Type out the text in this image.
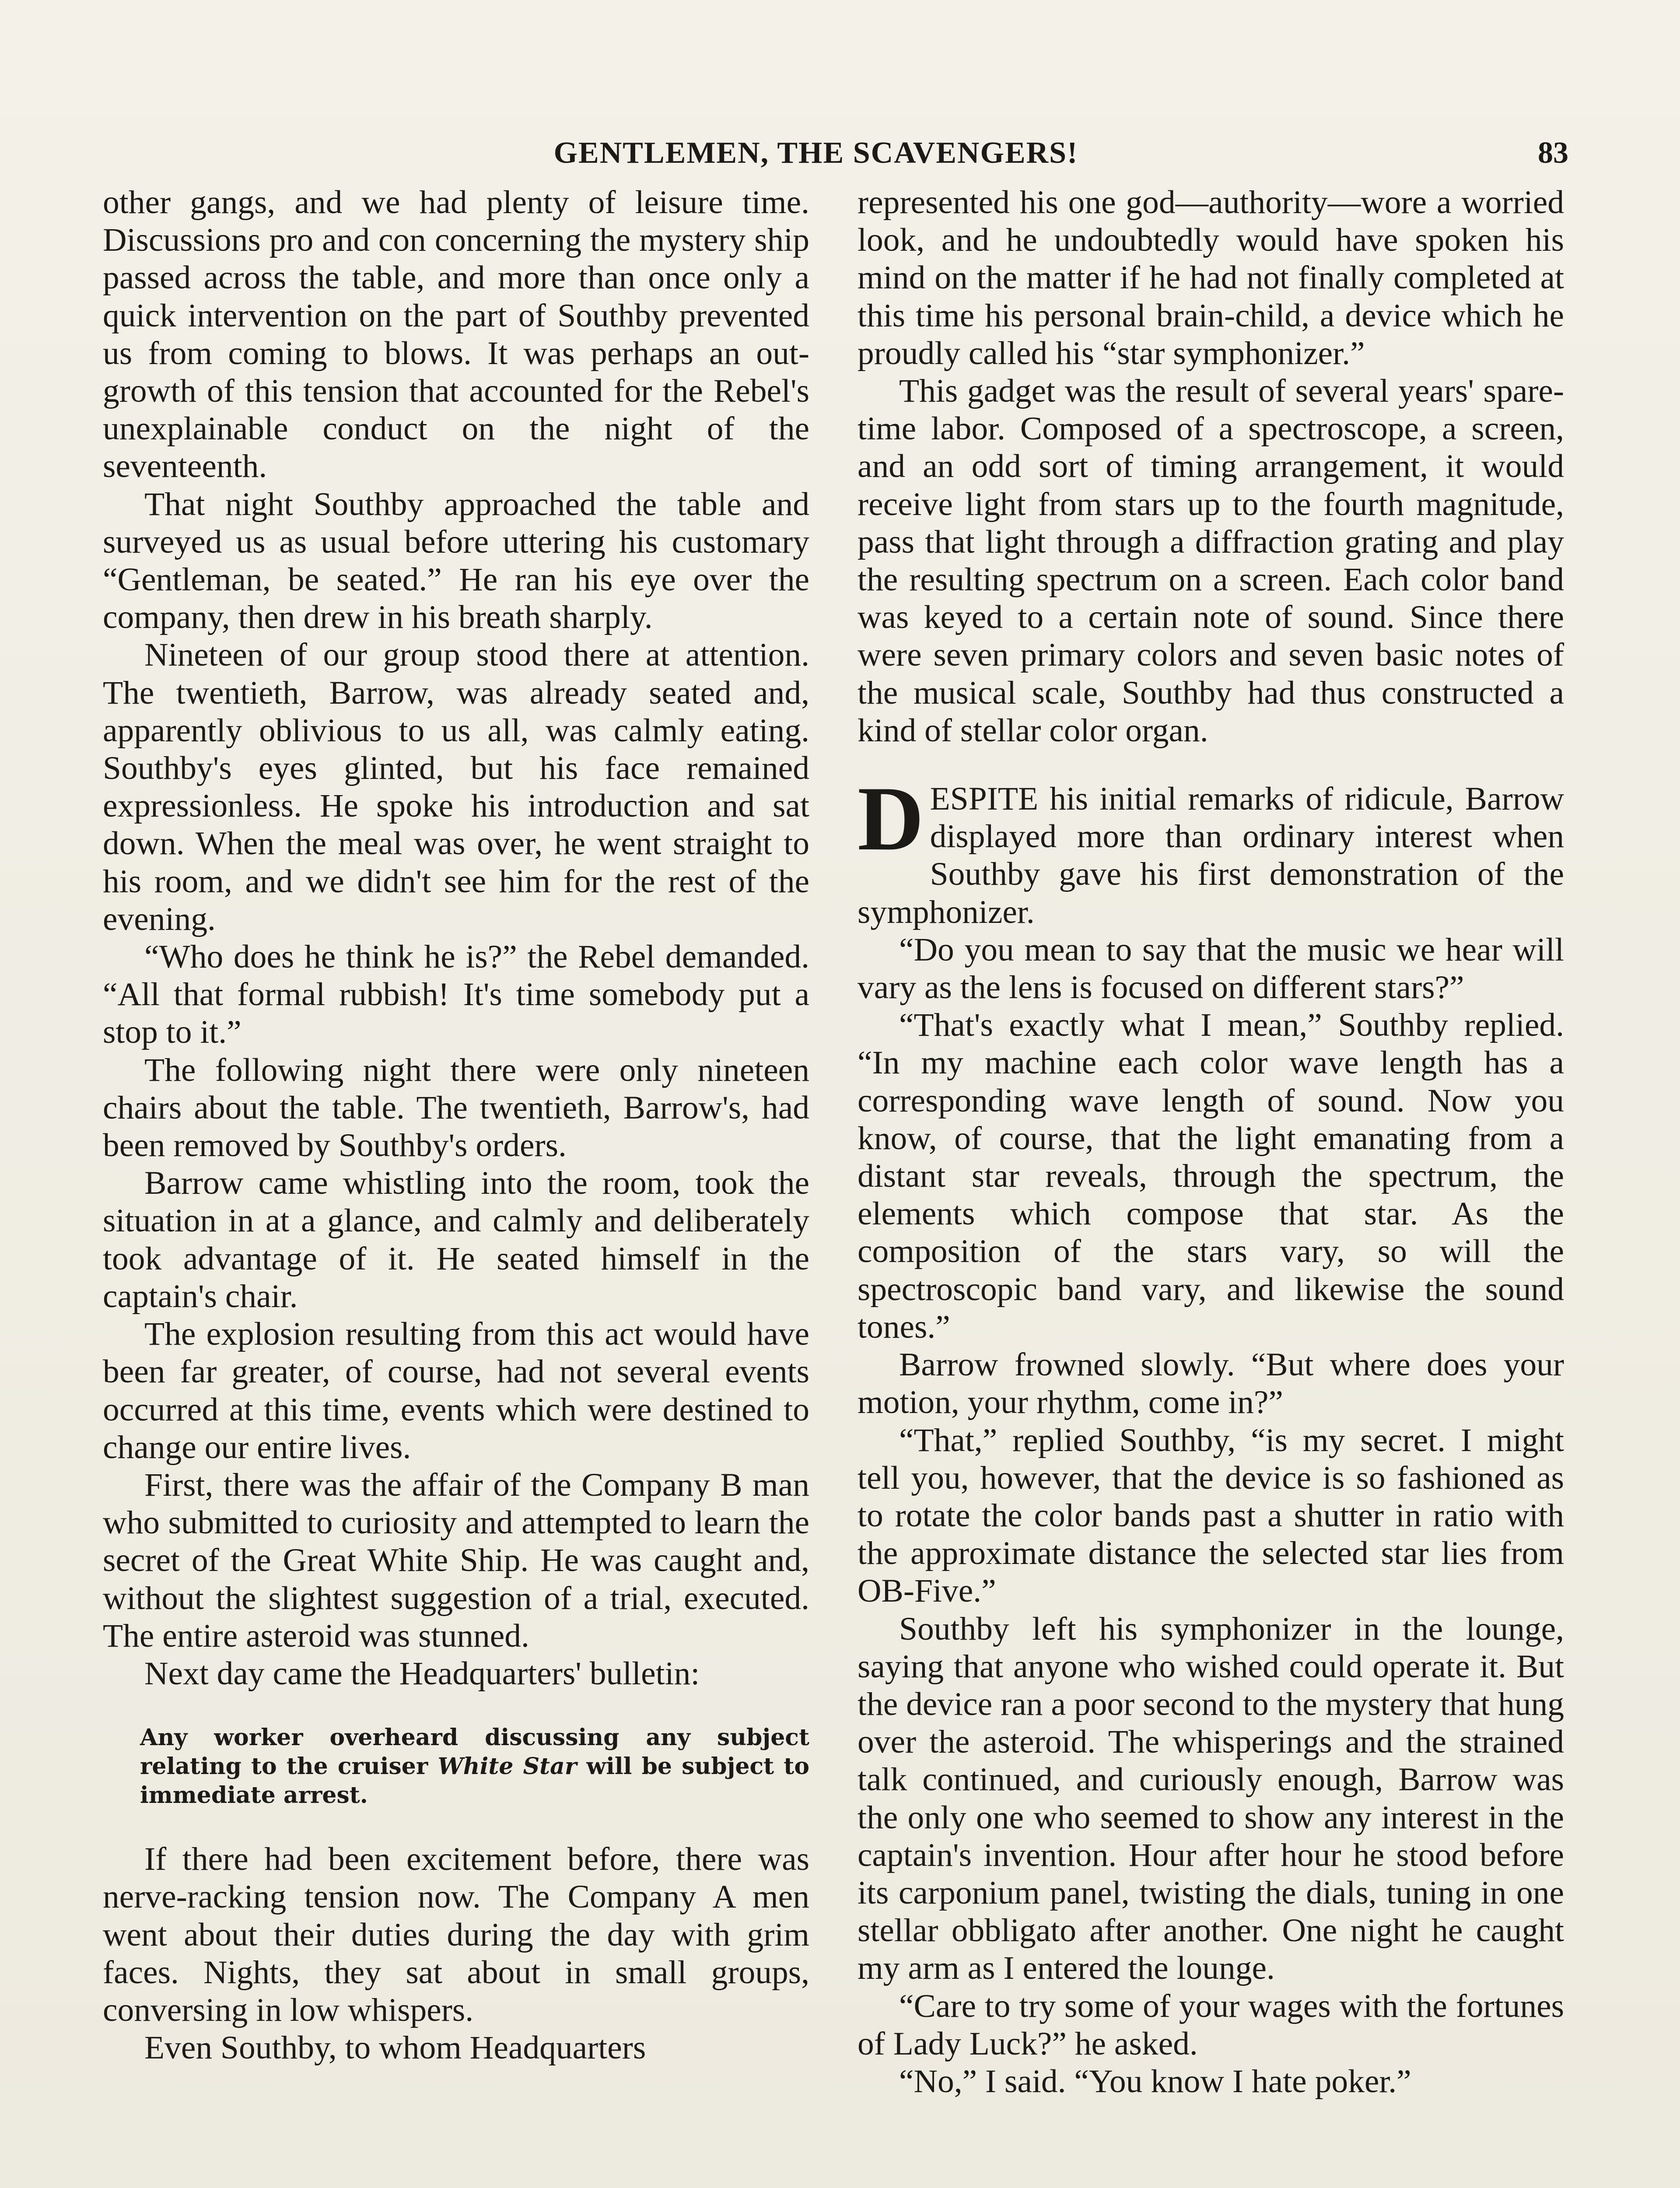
GENTLEMEN, THE SCAVENGERS!	83

other gangs, and we had plenty of leisure time. Discussions pro and con concerning the mystery ship passed across the table, and more than once only a quick intervention on the part of Southby prevented us from coming to blows. It was perhaps an outgrowth of this tension that accounted for the Rebel's unexplainable conduct on the night of the seventeenth.

That night Southby approached the table and surveyed us as usual before uttering his customary “Gentleman, be seated.” He ran his eye over the company, then drew in his breath sharply.

Nineteen of our group stood there at attention. The twentieth, Barrow, was already seated and, apparently oblivious to us all, was calmly eating. Southby's eyes glinted, but his face remained expressionless. He spoke his introduction and sat down. When the meal was over, he went straight to his room, and we didn't see him for the rest of the evening.

“Who does he think he is?” the Rebel demanded. “All that formal rubbish! It's time somebody put a stop to it.”

The following night there were only nineteen chairs about the table. The twentieth, Barrow's, had been removed by Southby's orders.

Barrow came whistling into the room, took the situation in at a glance, and calmly and deliberately took advantage of it. He seated himself in the captain's chair.

The explosion resulting from this act would have been far greater, of course, had not several events occurred at this time, events which were destined to change our entire lives.

First, there was the affair of the Company B man who submitted to curiosity and attempted to learn the secret of the Great White Ship. He was caught and, without the slightest suggestion of a trial, executed. The entire asteroid was stunned.

Next day came the Headquarters' bulletin:

Any worker overheard discussing any subject relating to the cruiser White Star will be subject to immediate arrest.

If there had been excitement before, there was nerve-racking tension now. The Company A men went about their duties during the day with grim faces. Nights, they sat about in small groups, conversing in low whispers.

Even Southby, to whom Headquarters

represented his one god—authority—wore a worried look, and he undoubtedly would have spoken his mind on the matter if he had not finally completed at this time his personal brain-child, a device which he proudly called his “star symphonizer.”

This gadget was the result of several years' spare-time labor. Composed of a spectroscope, a screen, and an odd sort of timing arrangement, it would receive light from stars up to the fourth magnitude, pass that light through a diffraction grating and play the resulting spectrum on a screen. Each color band was keyed to a certain note of sound. Since there were seven primary colors and seven basic notes of the musical scale, Southby had thus constructed a kind of stellar color organ.

DESPITE his initial remarks of ridicule, Barrow displayed more than ordinary interest when Southby gave his first demonstration of the symphonizer.

“Do you mean to say that the music we hear will vary as the lens is focused on different stars?”

“That's exactly what I mean,” Southby replied. “In my machine each color wave length has a corresponding wave length of sound. Now you know, of course, that the light emanating from a distant star reveals, through the spectrum, the elements which compose that star. As the composition of the stars vary, so will the spectroscopic band vary, and likewise the sound tones.”

Barrow frowned slowly. “But where does your motion, your rhythm, come in?”

“That,” replied Southby, “is my secret. I might tell you, however, that the device is so fashioned as to rotate the color bands past a shutter in ratio with the approximate distance the selected star lies from OB-Five.”

Southby left his symphonizer in the lounge, saying that anyone who wished could operate it. But the device ran a poor second to the mystery that hung over the asteroid. The whisperings and the strained talk continued, and curiously enough, Barrow was the only one who seemed to show any interest in the captain's invention. Hour after hour he stood before its carponium panel, twisting the dials, tuning in one stellar obbligato after another. One night he caught my arm as I entered the lounge.

“Care to try some of your wages with the fortunes of Lady Luck?” he asked.

“No,” I said. “You know I hate poker.”
